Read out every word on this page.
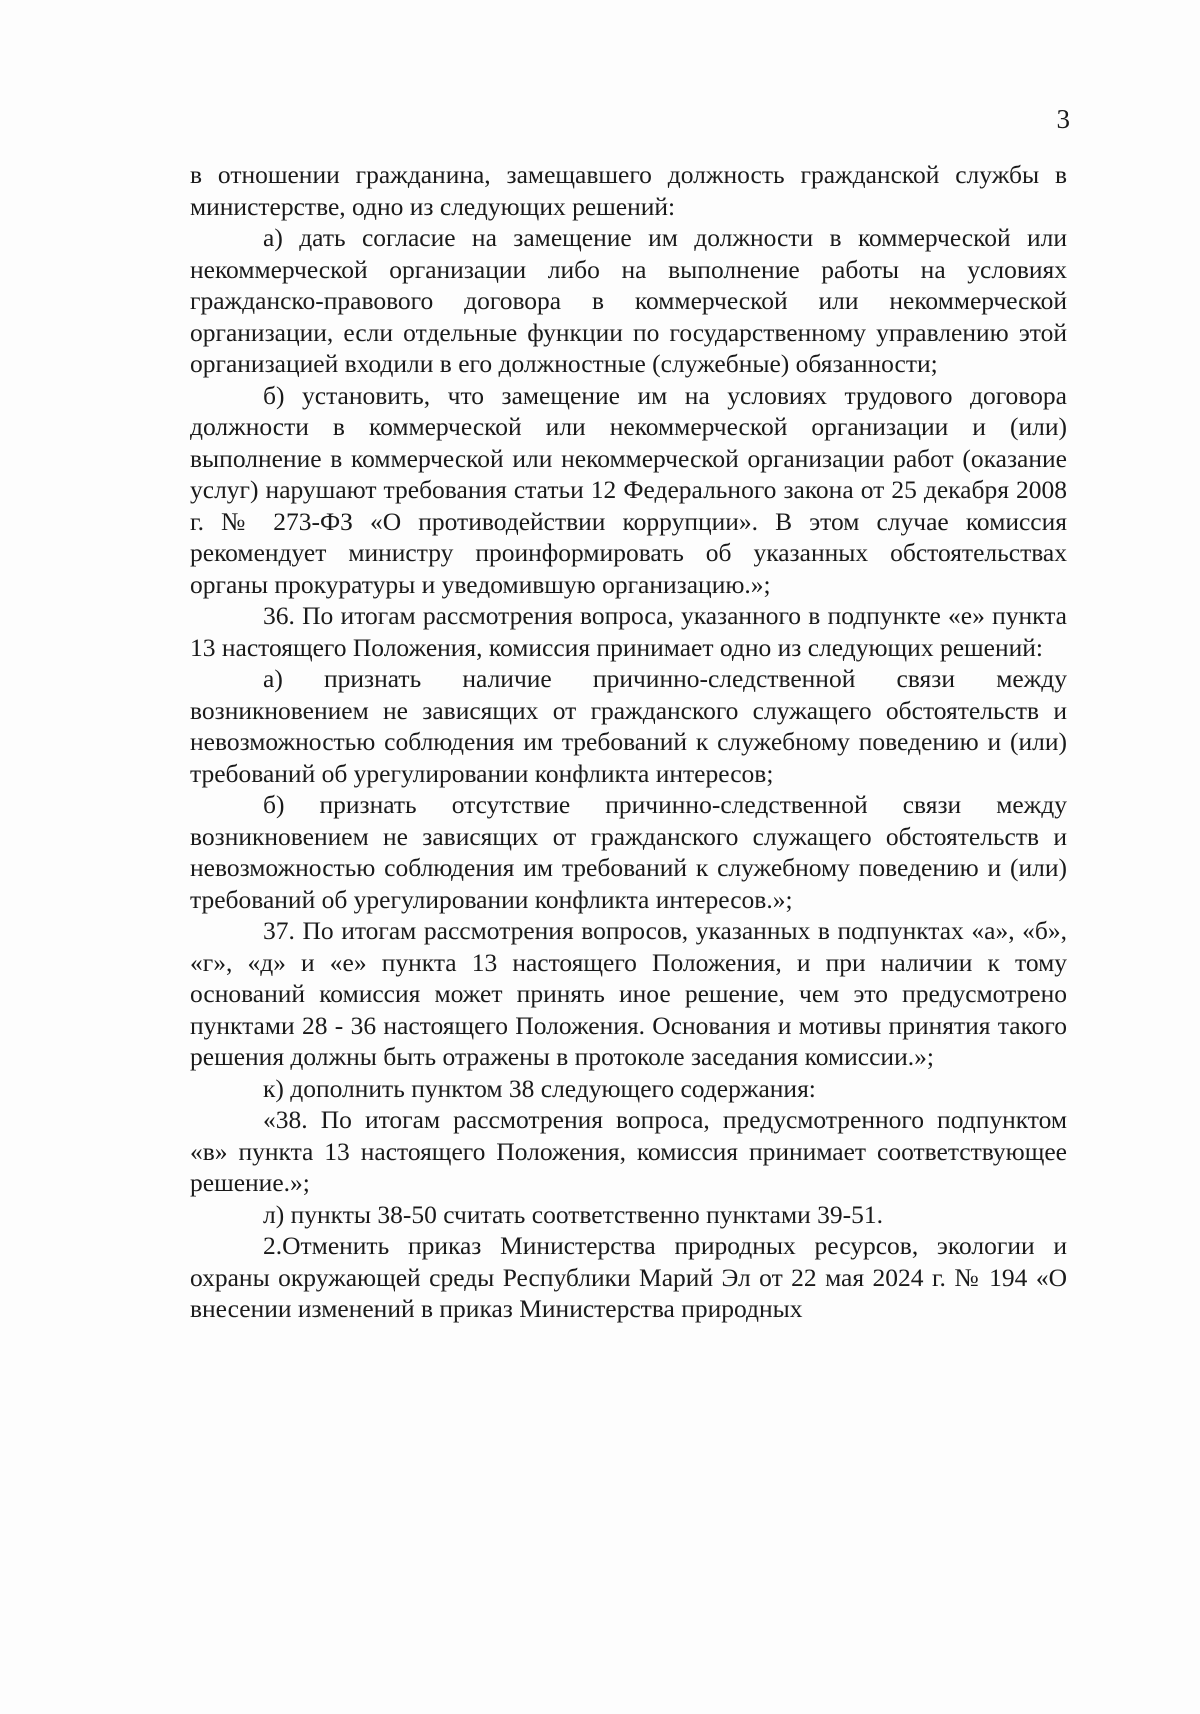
3

в отношении гражданина, замещавшего должность гражданской службы в министерстве, одно из следующих решений:

а) дать согласие на замещение им должности в коммерческой или некоммерческой организации либо на выполнение работы на условиях гражданско-правового договора в коммерческой или некоммерческой организации, если отдельные функции по государственному управлению этой организацией входили в его должностные (служебные) обязанности;

б) установить, что замещение им на условиях трудового договора должности в коммерческой или некоммерческой организации и (или) выполнение в коммерческой или некоммерческой организации работ (оказание услуг) нарушают требования статьи 12 Федерального закона от 25 декабря 2008 г. № 273-ФЗ «О противодействии коррупции». В этом случае комиссия рекомендует министру проинформировать об указанных обстоятельствах органы прокуратуры и уведомившую организацию.»;

36. По итогам рассмотрения вопроса, указанного в подпункте «е» пункта 13 настоящего Положения, комиссия принимает одно из следующих решений:

а) признать наличие причинно-следственной связи между возникновением не зависящих от гражданского служащего обстоятельств и невозможностью соблюдения им требований к служебному поведению и (или) требований об урегулировании конфликта интересов;

б) признать отсутствие причинно-следственной связи между возникновением не зависящих от гражданского служащего обстоятельств и невозможностью соблюдения им требований к служебному поведению и (или) требований об урегулировании конфликта интересов.»;

37. По итогам рассмотрения вопросов, указанных в подпунктах «а», «б», «г», «д» и «е» пункта 13 настоящего Положения, и при наличии к тому оснований комиссия может принять иное решение, чем это предусмотрено пунктами 28 - 36 настоящего Положения. Основания и мотивы принятия такого решения должны быть отражены в протоколе заседания комиссии.»;

к) дополнить пунктом 38 следующего содержания:

«38. По итогам рассмотрения вопроса, предусмотренного подпунктом «в» пункта 13 настоящего Положения, комиссия принимает соответствующее решение.»;

л) пункты 38-50 считать соответственно пунктами 39-51.

2.Отменить приказ Министерства природных ресурсов, экологии и охраны окружающей среды Республики Марий Эл от 22 мая 2024 г. № 194 «О внесении изменений в приказ Министерства природных
